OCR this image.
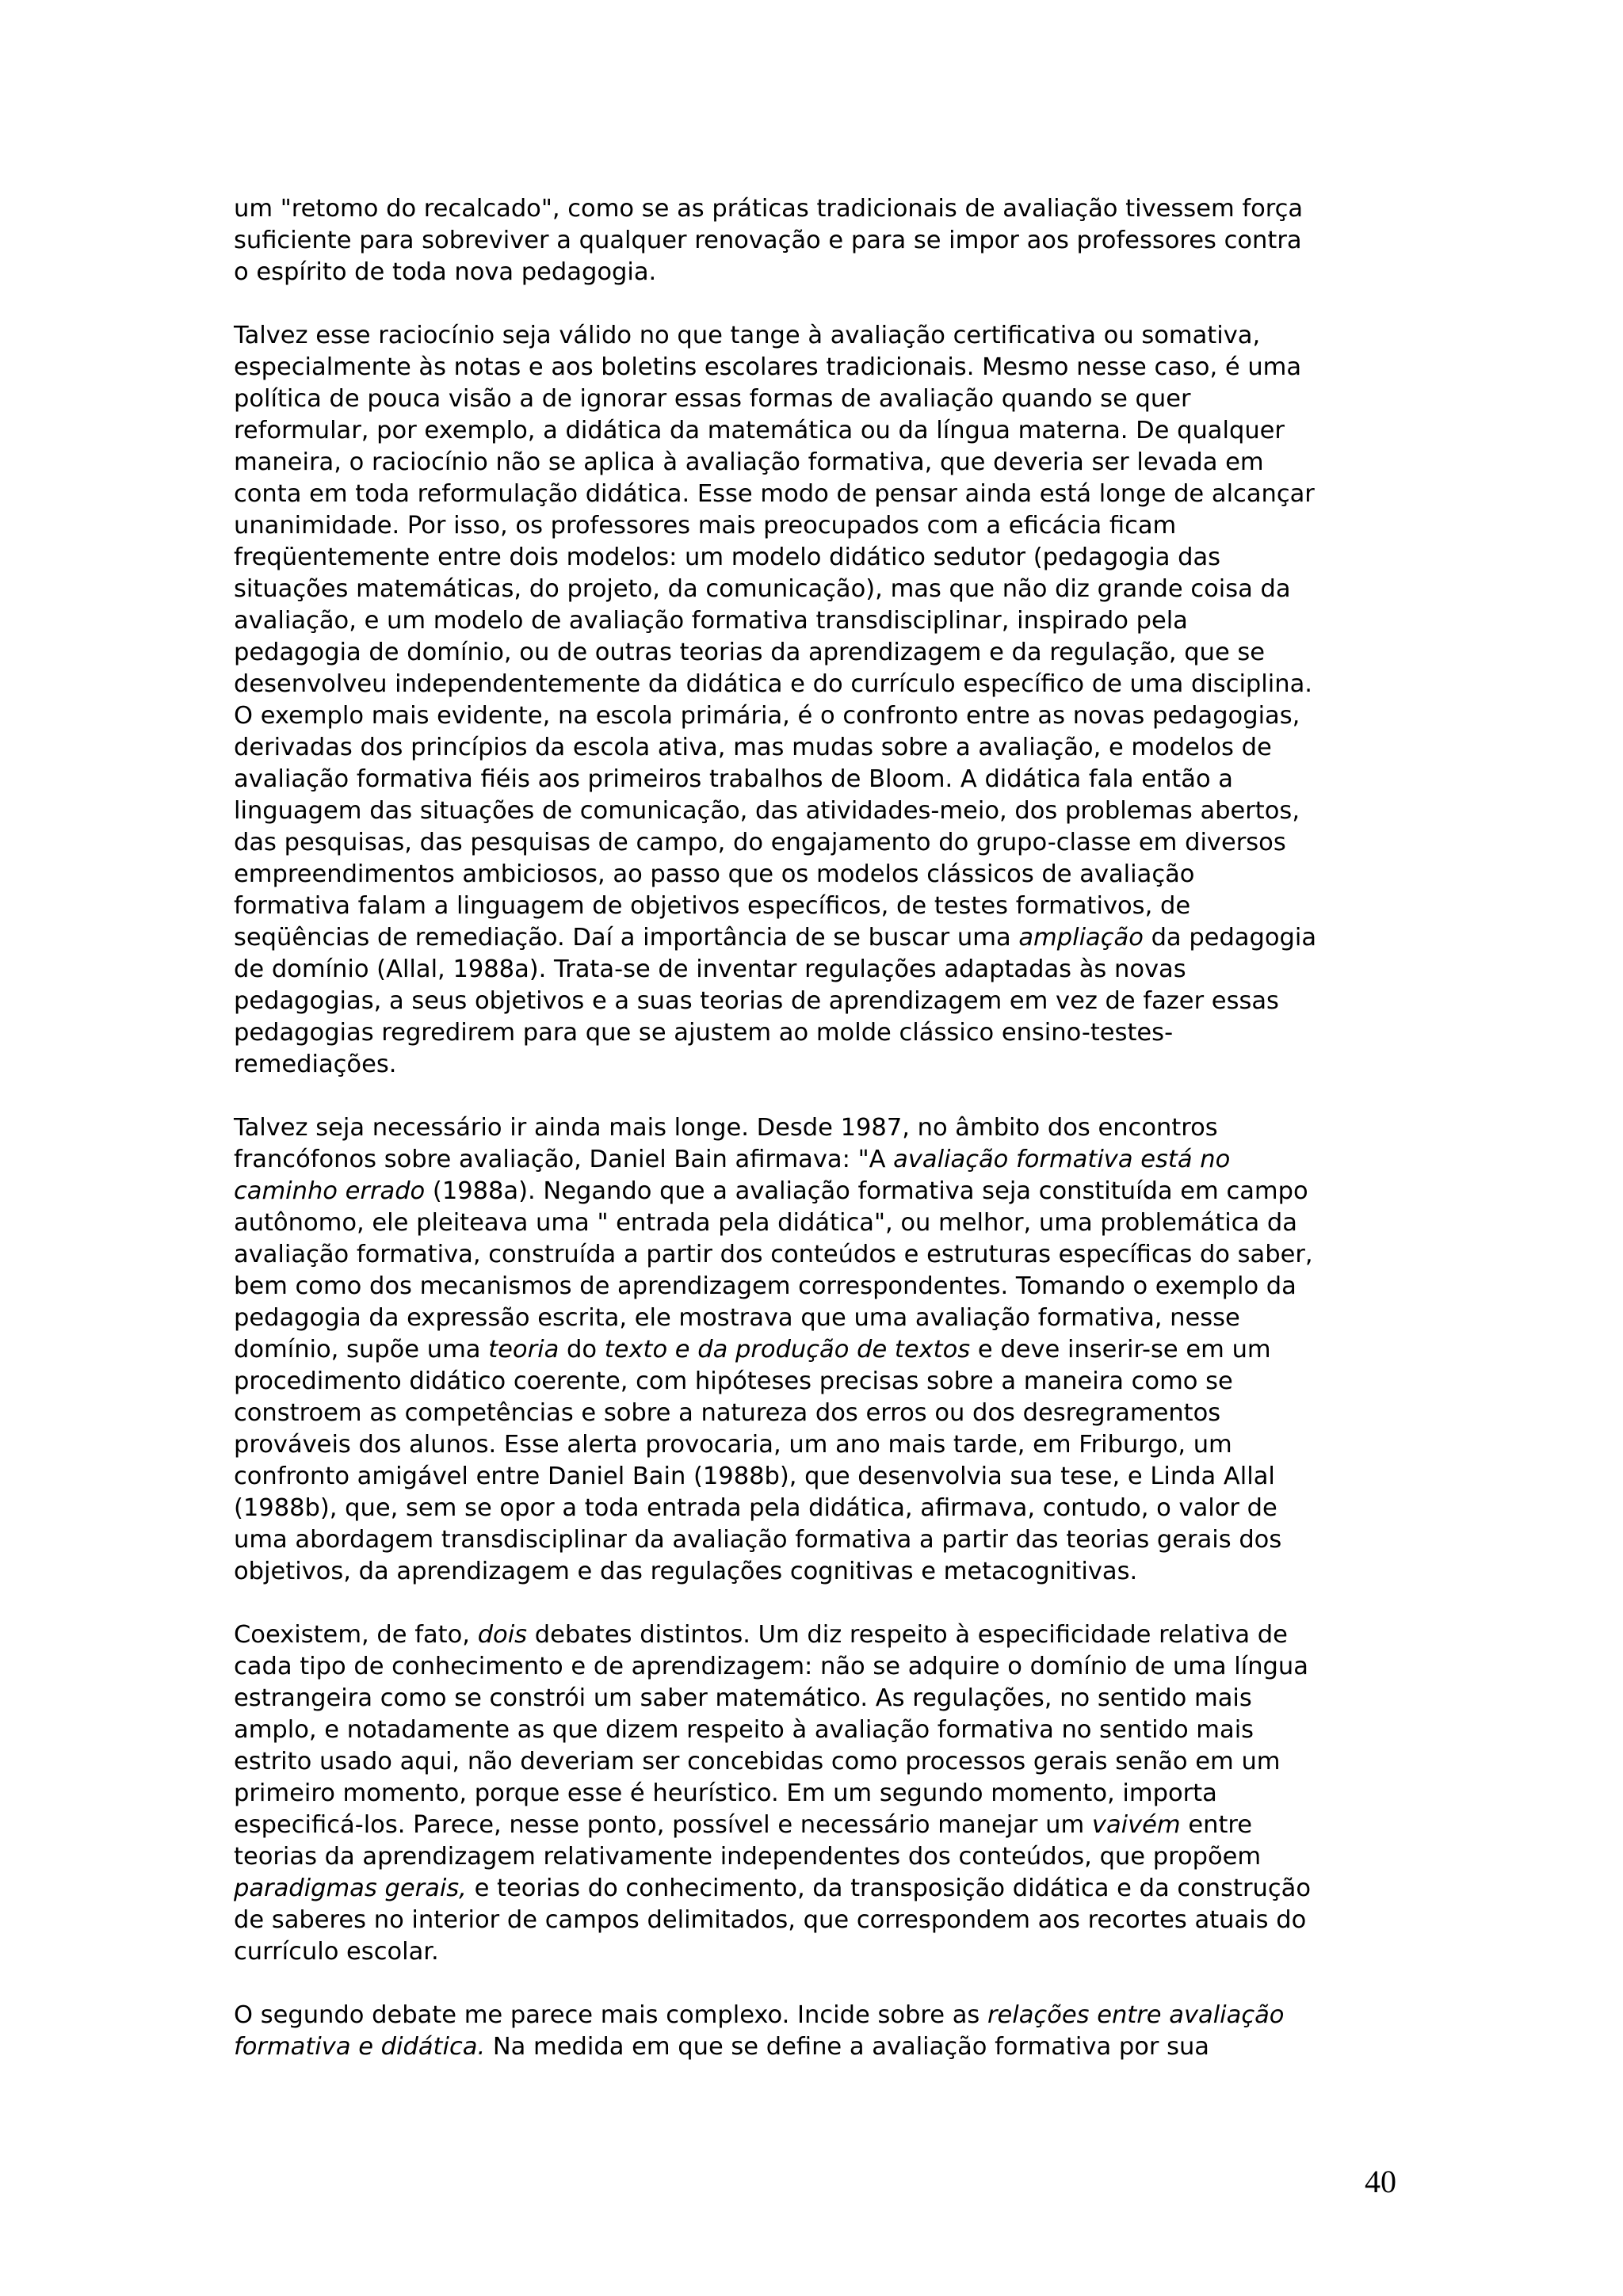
um "retomo do recalcado", como se as práticas tradicionais de avaliação tivessem força
suficiente para sobreviver a qualquer renovação e para se impor aos professores contra
o espírito de toda nova pedagogia.
Talvez esse raciocínio seja válido no que tange à avaliação certificativa ou somativa,
especialmente às notas e aos boletins escolares tradicionais. Mesmo nesse caso, é uma
política de pouca visão a de ignorar essas formas de avaliação quando se quer
reformular, por exemplo, a didática da matemática ou da língua materna. De qualquer
maneira, o raciocínio não se aplica à avaliação formativa, que deveria ser levada em
conta em toda reformulação didática. Esse modo de pensar ainda está longe de alcançar
unanimidade. Por isso, os professores mais preocupados com a eficácia ficam
freqüentemente entre dois modelos: um modelo didático sedutor (pedagogia das
situações matemáticas, do projeto, da comunicação), mas que não diz grande coisa da
avaliação, e um modelo de avaliação formativa transdisciplinar, inspirado pela
pedagogia de domínio, ou de outras teorias da aprendizagem e da regulação, que se
desenvolveu independentemente da didática e do currículo específico de uma disciplina.
O exemplo mais evidente, na escola primária, é o confronto entre as novas pedagogias,
derivadas dos princípios da escola ativa, mas mudas sobre a avaliação, e modelos de
avaliação formativa fiéis aos primeiros trabalhos de Bloom. A didática fala então a
linguagem das situações de comunicação, das atividades-meio, dos problemas abertos,
das pesquisas, das pesquisas de campo, do engajamento do grupo-classe em diversos
empreendimentos ambiciosos, ao passo que os modelos clássicos de avaliação
formativa falam a linguagem de objetivos específicos, de testes formativos, de
seqüências de remediação. Daí a importância de se buscar uma ampliação da pedagogia
de domínio (Allal, 1988a). Trata-se de inventar regulações adaptadas às novas
pedagogias, a seus objetivos e a suas teorias de aprendizagem em vez de fazer essas
pedagogias regredirem para que se ajustem ao molde clássico ensino-testes-
remediações.
Talvez seja necessário ir ainda mais longe. Desde 1987, no âmbito dos encontros
francófonos sobre avaliação, Daniel Bain afirmava: "A avaliação formativa está no
caminho errado (1988a). Negando que a avaliação formativa seja constituída em campo
autônomo, ele pleiteava uma " entrada pela didática", ou melhor, uma problemática da
avaliação formativa, construída a partir dos conteúdos e estruturas específicas do saber,
bem como dos mecanismos de aprendizagem correspondentes. Tomando o exemplo da
pedagogia da expressão escrita, ele mostrava que uma avaliação formativa, nesse
domínio, supõe uma teoria do texto e da produção de textos e deve inserir-se em um
procedimento didático coerente, com hipóteses precisas sobre a maneira como se
constroem as competências e sobre a natureza dos erros ou dos desregramentos
prováveis dos alunos. Esse alerta provocaria, um ano mais tarde, em Friburgo, um
confronto amigável entre Daniel Bain (1988b), que desenvolvia sua tese, e Linda Allal
(1988b), que, sem se opor a toda entrada pela didática, afirmava, contudo, o valor de
uma abordagem transdisciplinar da avaliação formativa a partir das teorias gerais dos
objetivos, da aprendizagem e das regulações cognitivas e metacognitivas.
Coexistem, de fato, dois debates distintos. Um diz respeito à especificidade relativa de
cada tipo de conhecimento e de aprendizagem: não se adquire o domínio de uma língua
estrangeira como se constrói um saber matemático. As regulações, no sentido mais
amplo, e notadamente as que dizem respeito à avaliação formativa no sentido mais
estrito usado aqui, não deveriam ser concebidas como processos gerais senão em um
primeiro momento, porque esse é heurístico. Em um segundo momento, importa
especificá-los. Parece, nesse ponto, possível e necessário manejar um vaivém entre
teorias da aprendizagem relativamente independentes dos conteúdos, que propõem
paradigmas gerais, e teorias do conhecimento, da transposição didática e da construção
de saberes no interior de campos delimitados, que correspondem aos recortes atuais do
currículo escolar.
O segundo debate me parece mais complexo. Incide sobre as relações entre avaliação
formativa e didática. Na medida em que se define a avaliação formativa por sua
40
